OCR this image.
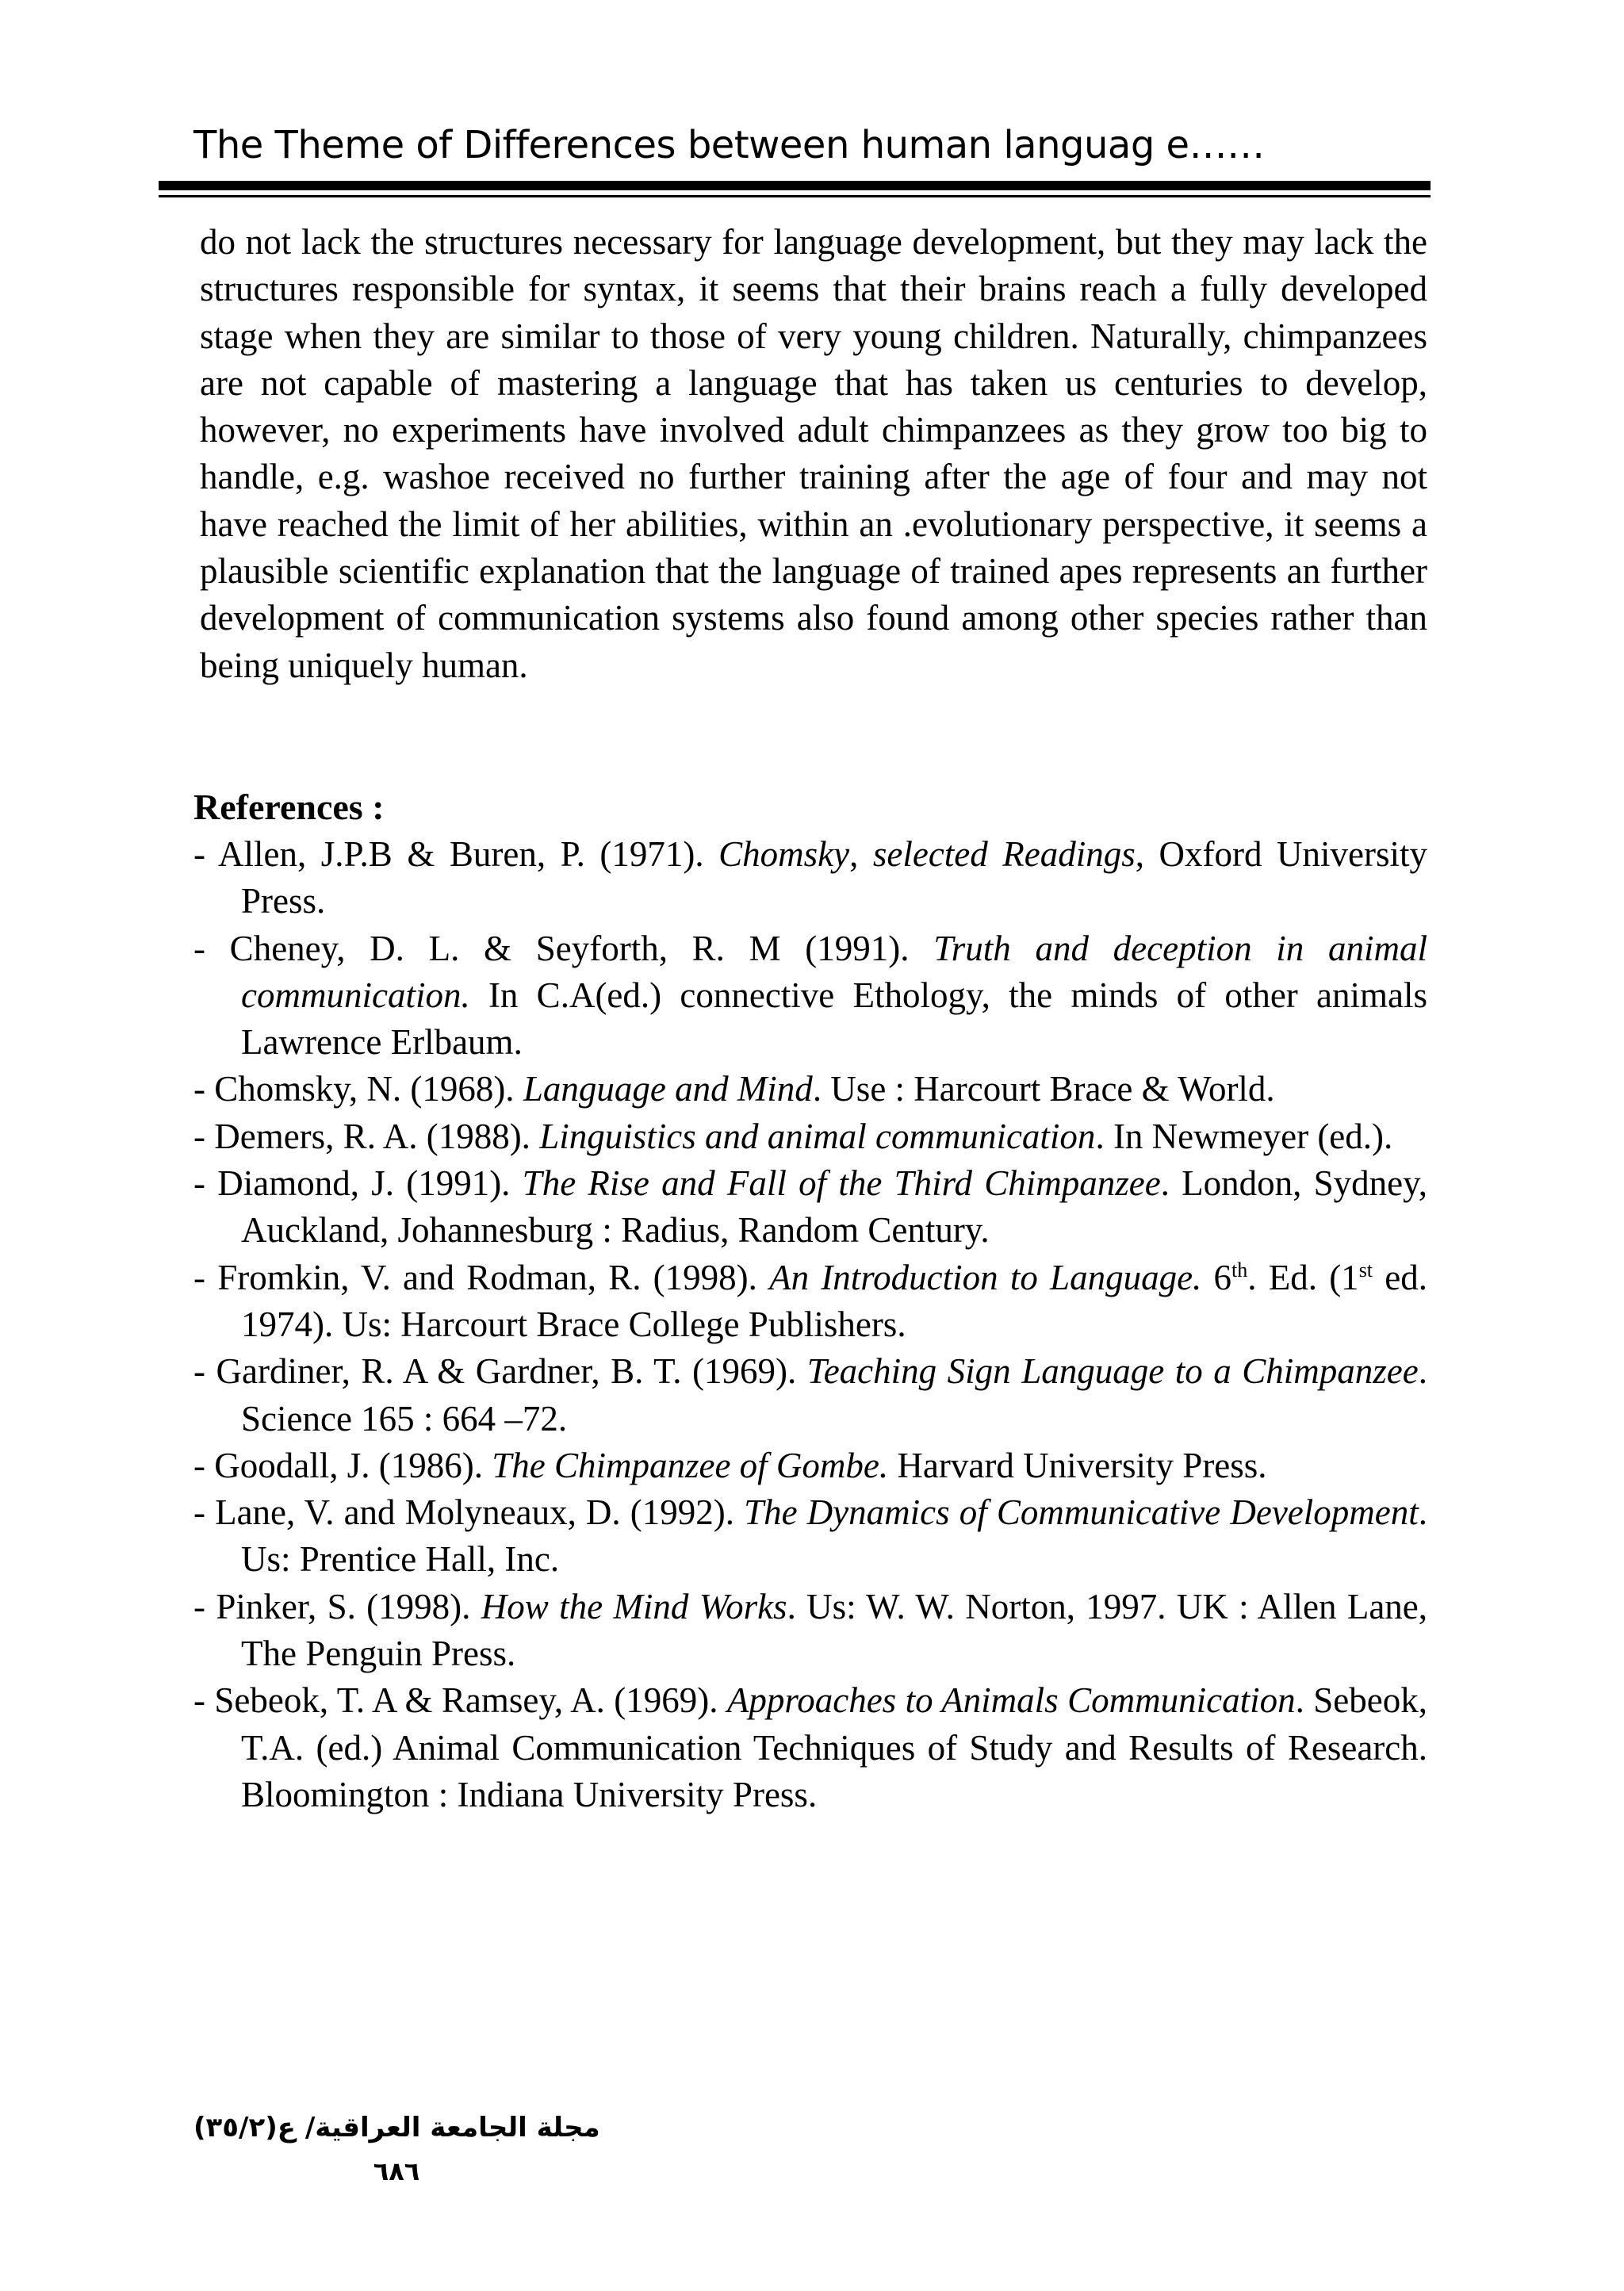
The Theme of Differences between human languag e……

do not lack the structures necessary for language development, but they may lack the structures responsible for syntax, it seems that their brains reach a fully developed stage when they are similar to those of very young children. Naturally, chimpanzees are not capable of mastering a language that has taken us centuries to develop, however, no experiments have involved adult chimpanzees as they grow too big to handle, e.g. washoe received no further training after the age of four and may not have reached the limit of her abilities, within an .evolutionary perspective, it seems a plausible scientific explanation that the language of trained apes represents an further development of communication systems also found among other species rather than being uniquely human.

References :
- Allen, J.P.B & Buren, P. (1971). Chomsky, selected Readings, Oxford University Press.
- Cheney, D. L. & Seyforth, R. M (1991). Truth and deception in animal communication. In C.A(ed.) connective Ethology, the minds of other animals Lawrence Erlbaum.
- Chomsky, N. (1968). Language and Mind. Use : Harcourt Brace & World.
- Demers, R. A. (1988). Linguistics and animal communication. In Newmeyer (ed.).
- Diamond, J. (1991). The Rise and Fall of the Third Chimpanzee. London, Sydney, Auckland, Johannesburg : Radius, Random Century.
- Fromkin, V. and Rodman, R. (1998). An Introduction to Language. 6th. Ed. (1st ed. 1974). Us: Harcourt Brace College Publishers.
- Gardiner, R. A & Gardner, B. T. (1969). Teaching Sign Language to a Chimpanzee. Science 165 : 664 –72.
- Goodall, J. (1986). The Chimpanzee of Gombe. Harvard University Press.
- Lane, V. and Molyneaux, D. (1992). The Dynamics of Communicative Development. Us: Prentice Hall, Inc.
- Pinker, S. (1998). How the Mind Works. Us: W. W. Norton, 1997. UK : Allen Lane, The Penguin Press.
- Sebeok, T. A & Ramsey, A. (1969). Approaches to Animals Communication. Sebeok, T.A. (ed.) Animal Communication Techniques of Study and Results of Research. Bloomington : Indiana University Press.
مجلة الجامعة العراقية/ ع(٣٥/٢)
٦٨٦
